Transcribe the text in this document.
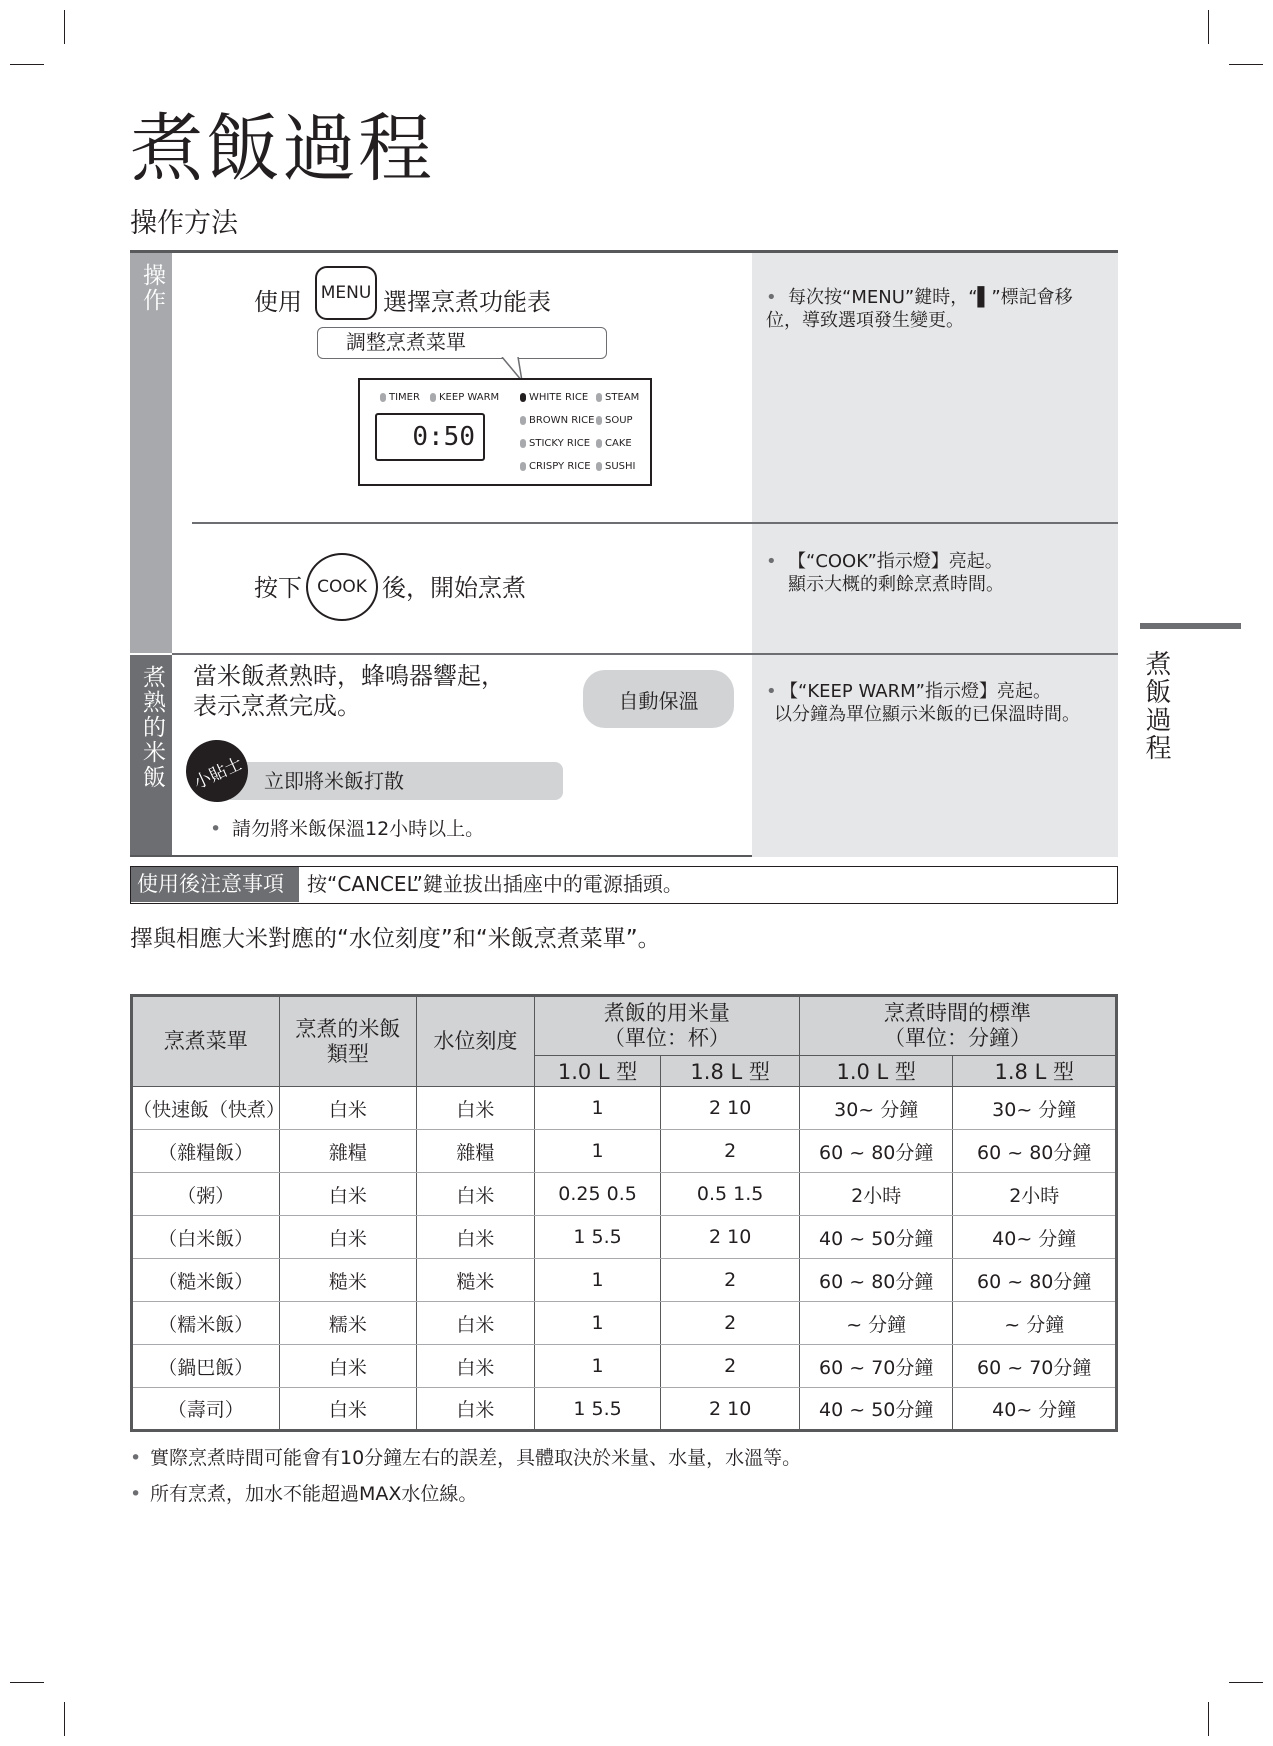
煮飯過程
操作方法
煮飯過程
操作
煮熟的米飯
使用	MENU 選擇烹煮功能表
調整烹煮菜單
0:50
TIMER KEEP WARM	WHITE RICE STEAM
BROWN RICE SOUP
STICKY RICE CAKE
CRISPY RICE SUSHI
• 每次按“MENU”鍵時，“▌”標記會移位，導致選項發生變更。
按下 COOK 後，開始烹煮
• 【“COOK”指示燈】亮起。
顯示大概的剩餘烹煮時間。
當米飯煮熟時，蜂鳴器響起，
表示烹煮完成。	自動保溫	• 【“KEEP WARM”指示燈】亮起。
以分鐘為單位顯示米飯的已保溫時間。
立即將米飯打散
小貼士
• 請勿將米飯保溫12小時以上。
使用後注意事項	按“CANCEL”鍵並拔出插座中的電源插頭。
擇與相應大米對應的“水位刻度”和“米飯烹煮菜單”。
烹煮菜單	烹煮的米飯
類型	水位刻度	煮飯的用米量
（單位：杯）		烹煮時間的標準
（單位：分鐘）	
			1.0 L 型	1.8 L 型	1.0 L 型	1.8 L 型
（快速飯（快煮）	白米	白米	1	2 10	30~ 分鐘	30~ 分鐘
（雜糧飯）	雜糧	雜糧	1	2	60 ~ 80分鐘	60 ~ 80分鐘
（粥）	白米	白米	0.25 0.5	0.5 1.5	2小時	2小時
（白米飯）	白米	白米	1 5.5	2 10	40 ~ 50分鐘	40~ 分鐘
（糙米飯）	糙米	糙米	1	2	60 ~ 80分鐘	60 ~ 80分鐘
（糯米飯）	糯米	白米	1	2	~ 分鐘	~ 分鐘
（鍋巴飯）	白米	白米	1	2	60 ~ 70分鐘	60 ~ 70分鐘
（壽司）	白米	白米	1 5.5	2 10	40 ~ 50分鐘	40~ 分鐘
• 實際烹煮時間可能會有10分鐘左右的誤差，具體取決於米量、水量，水溫等。
• 所有烹煮，加水不能超過MAX水位線。
